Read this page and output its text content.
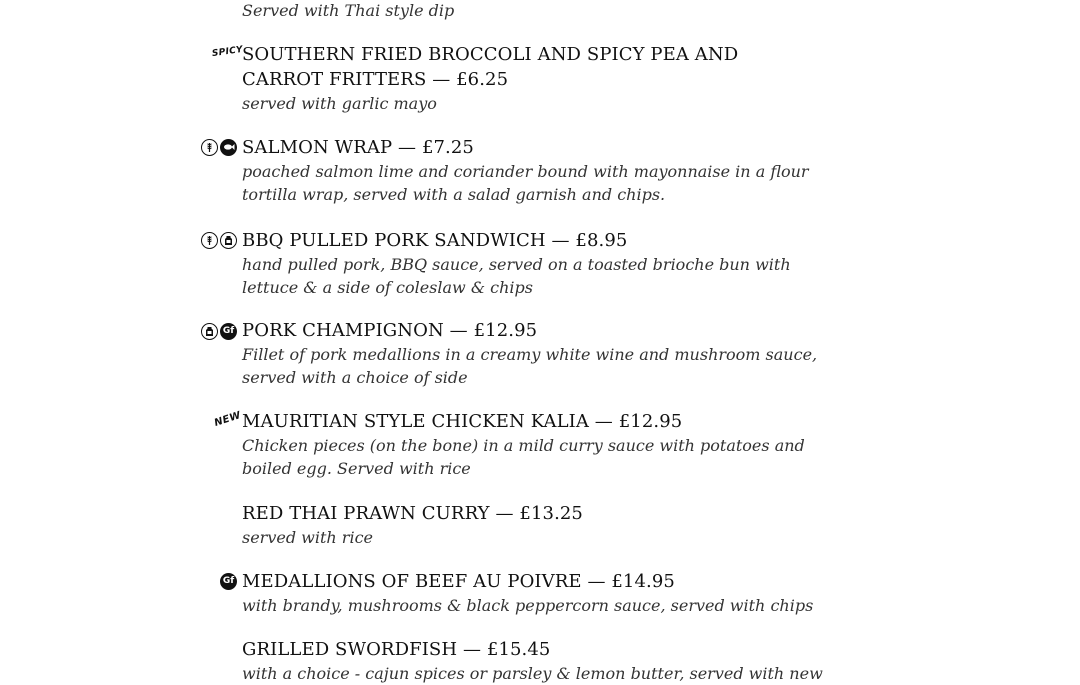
Served with Thai style dip
SPICY
SOUTHERN FRIED BROCCOLI AND SPICY PEA AND
CARROT FRITTERS — £6.25
served with garlic mayo
SALMON WRAP — £7.25
poached salmon lime and coriander bound with mayonnaise in a flour
tortilla wrap, served with a salad garnish and chips.
BBQ PULLED PORK SANDWICH — £8.95
hand pulled pork, BBQ sauce, served on a toasted brioche bun with
lettuce & a side of coleslaw & chips
Gf PORK CHAMPIGNON — £12.95
Fillet of pork medallions in a creamy white wine and mushroom sauce,
served with a choice of side
NEW MAURITIAN STYLE CHICKEN KALIA — £12.95
Chicken pieces (on the bone) in a mild curry sauce with potatoes and
boiled egg. Served with rice
RED THAI PRAWN CURRY — £13.25
served with rice
Gf MEDALLIONS OF BEEF AU POIVRE — £14.95
with brandy, mushrooms & black peppercorn sauce, served with chips
GRILLED SWORDFISH — £15.45
with a choice - cajun spices or parsley & lemon butter, served with new
